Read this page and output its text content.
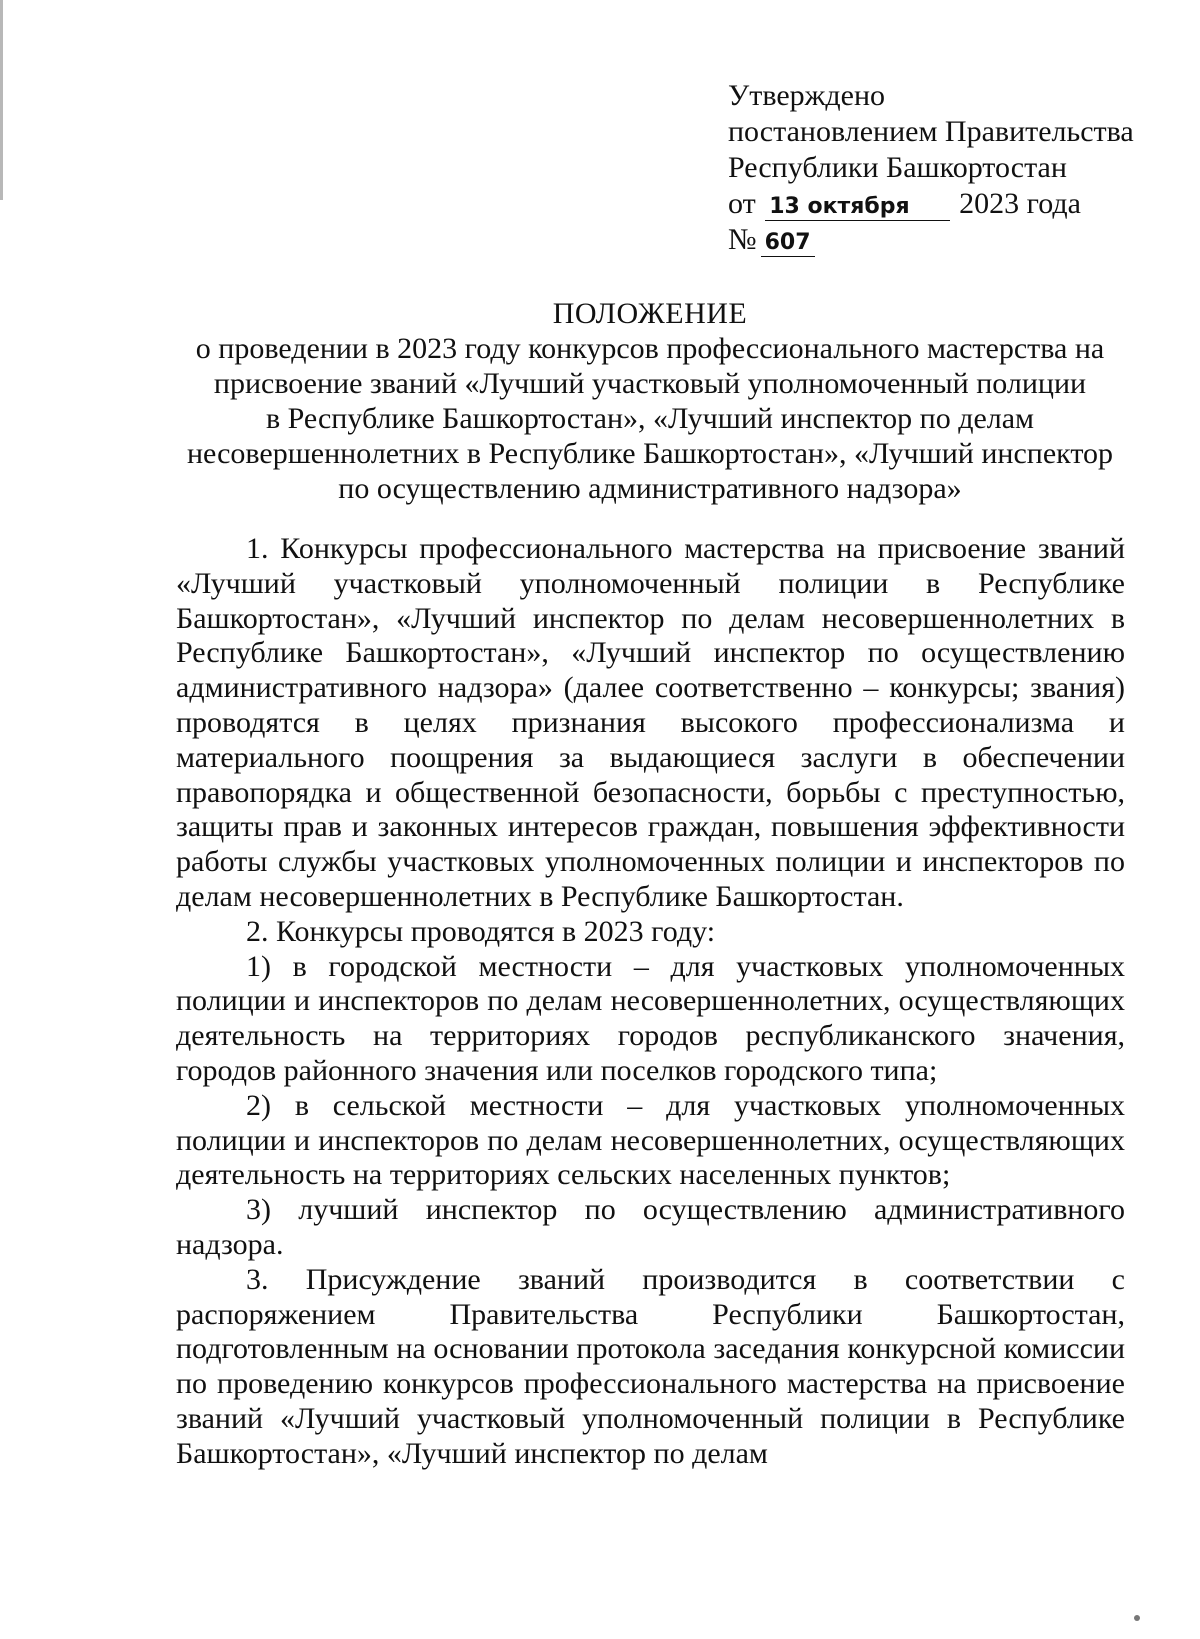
Утверждено
постановлением Правительства
Республики Башкортостан
от 13 октября 2023 года
№ 607
ПОЛОЖЕНИЕ
о проведении в 2023 году конкурсов профессионального мастерства на
присвоение званий «Лучший участковый уполномоченный полиции
в Республике Башкортостан», «Лучший инспектор по делам
несовершеннолетних в Республике Башкортостан», «Лучший инспектор
по осуществлению административного надзора»

1. Конкурсы профессионального мастерства на присвоение званий «Лучший участковый уполномоченный полиции в Республике Башкортостан», «Лучший инспектор по делам несовершеннолетних в Республике Башкортостан», «Лучший инспектор по осуществлению административного надзора» (далее соответственно – конкурсы; звания) проводятся в целях признания высокого профессионализма и материального поощрения за выдающиеся заслуги в обеспечении правопорядка и общественной безопасности, борьбы с преступностью, защиты прав и законных интересов граждан, повышения эффективности работы службы участковых уполномоченных полиции и инспекторов по делам несовершеннолетних в Республике Башкортостан.

2. Конкурсы проводятся в 2023 году:

1) в городской местности – для участковых уполномоченных полиции и инспекторов по делам несовершеннолетних, осуществляющих деятельность на территориях городов республиканского значения, городов районного значения или поселков городского типа;

2) в сельской местности – для участковых уполномоченных полиции и инспекторов по делам несовершеннолетних, осуществляющих деятельность на территориях сельских населенных пунктов;

3) лучший инспектор по осуществлению административного надзора.

3. Присуждение званий производится в соответствии с распоряжением Правительства Республики Башкортостан, подготовленным на основании протокола заседания конкурсной комиссии по проведению конкурсов профессионального мастерства на присвоение званий «Лучший участковый уполномоченный полиции в Республике Башкортостан», «Лучший инспектор по делам
